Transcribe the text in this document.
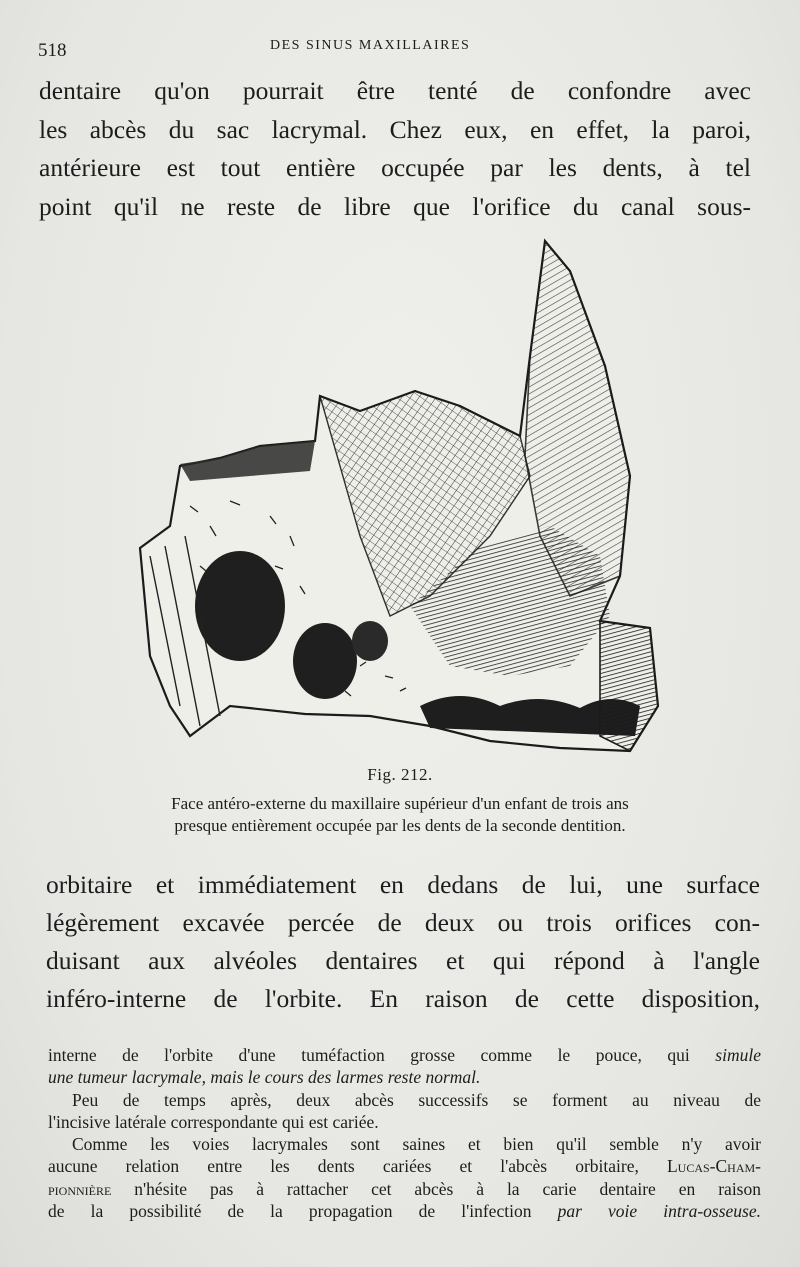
518	DES SINUS MAXILLAIRES
dentaire qu'on pourrait être tenté de confondre avec
les abcès du sac lacrymal. Chez eux, en effet, la paroi,
antérieure est tout entière occupée par les dents, à tel
point qu'il ne reste de libre que l'orifice du canal sous-
Fig. 212.
Face antéro-externe du maxillaire supérieur d'un enfant de trois ans
presque entièrement occupée par les dents de la seconde dentition.
orbitaire et immédiatement en dedans de lui, une surface
légèrement excavée percée de deux ou trois orifices con-
duisant aux alvéoles dentaires et qui répond à l'angle
inféro-interne de l'orbite. En raison de cette disposition,
interne de l'orbite d'une tuméfaction grosse comme le pouce, qui simule
une tumeur lacrymale, mais le cours des larmes reste normal.
Peu de temps après, deux abcès successifs se forment au niveau de
l'incisive latérale correspondante qui est cariée.
Comme les voies lacrymales sont saines et bien qu'il semble n'y avoir
aucune relation entre les dents cariées et l'abcès orbitaire, Lucas-Cham-
pionnière n'hésite pas à rattacher cet abcès à la carie dentaire en raison
de la possibilité de la propagation de l'infection par voie intra-osseuse.
